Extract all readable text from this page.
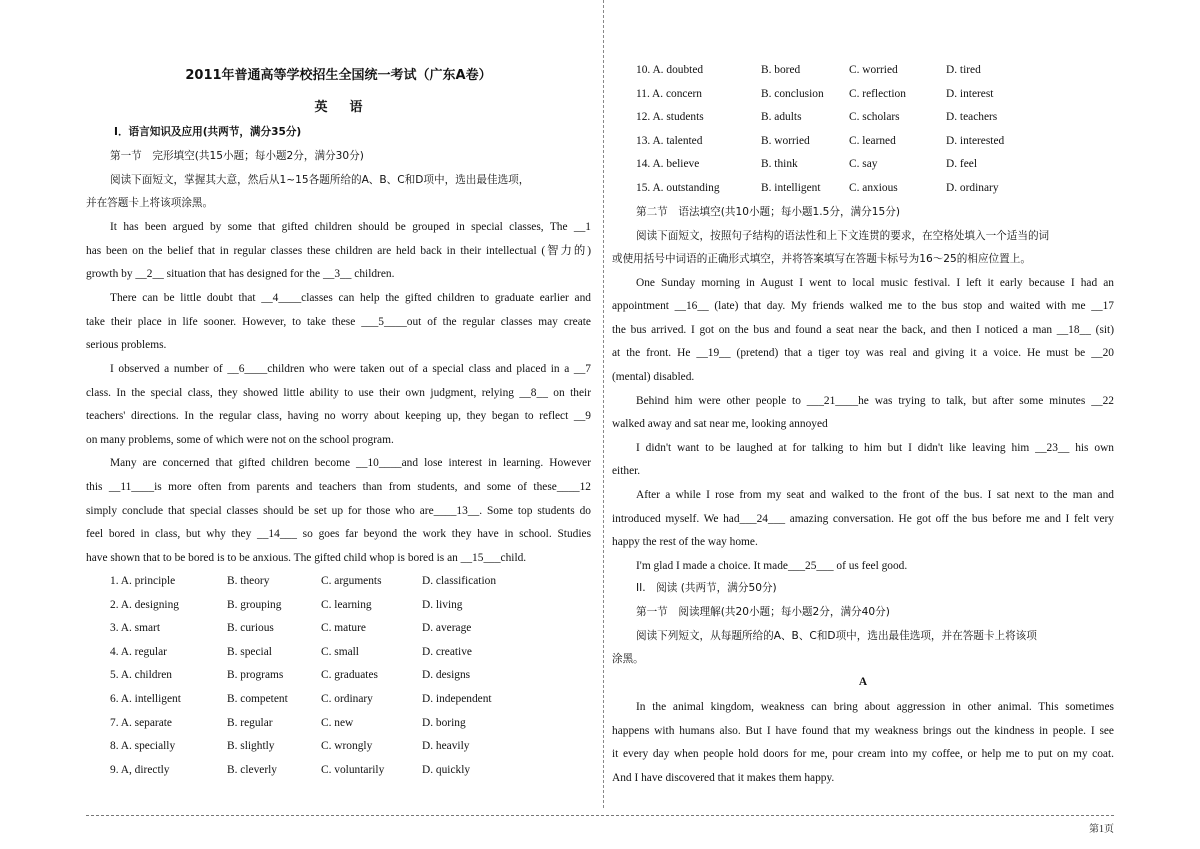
第1页
2011年普通高等学校招生全国统一考试（广东A卷）
英语
Ⅰ．语言知识及应用(共两节，满分35分)
第一节　完形填空(共15小题；每小题2分，满分30分)
阅读下面短文，掌握其大意，然后从1~15各题所给的A、B、C和D项中，选出最佳选项，
并在答题卡上将该项涂黑。
It has been argued by some that gifted children should be grouped in special classes, The __1
has been on the belief that in regular classes these children are held back in their intellectual (智力的)
growth by __2__ situation that has designed for the __3__ children.
There can be little doubt that __4____classes can help the gifted children to graduate earlier and
take their place in life sooner. However, to take these ___5____out of the regular classes may create
serious problems.
I observed a number of __6____children who were taken out of a special class and placed in a __7
class. In the special class, they showed little ability to use their own judgment, relying __8__ on their
teachers' directions. In the regular class, having no worry about keeping up, they began to reflect __9
on many problems, some of which were not on the school program.
Many are concerned that gifted children become __10____and lose interest in learning. However
this __11____is more often from parents and teachers than from students, and some of these____12
simply conclude that special classes should be set up for those who are____13__. Some top students do
feel bored in class, but why they __14___ so goes far beyond the work they have in school. Studies
have shown that to be bored is to be anxious. The gifted child whop is bored is an __15___child.
1. A. principle	B. theory	C. arguments	D. classification
2. A. designing	B. grouping	C. learning	D. living
3. A. smart	B. curious	C. mature	D. average
4. A. regular	B. special	C. small	D. creative
5. A. children	B. programs	C. graduates	D. designs
6. A. intelligent	B. competent	C. ordinary	D. independent
7. A. separate	B. regular	C. new	D. boring
8. A. specially	B. slightly	C. wrongly	D. heavily
9. A, directly	B. cleverly	C. voluntarily	D. quickly
10. A. doubted	B. bored	C. worried	D. tired
11. A. concern	B. conclusion C. reflection	D. interest
12. A. students	B. adults	C. scholars	D. teachers
13. A. talented	B. worried	C. learned	D. interested
14. A. believe	B. think	C. say	D. feel
15. A. outstanding	B. intelligent	C. anxious	D. ordinary
第二节　语法填空(共10小题；每小题1.5分，满分15分)
阅读下面短文，按照句子结构的语法性和上下文连贯的要求，在空格处填入一个适当的词
或使用括号中词语的正确形式填空，并将答案填写在答题卡标号为16～25的相应位置上。
One Sunday morning in August I went to local music festival. I left it early because I had an
appointment __16__ (late) that day. My friends walked me to the bus stop and waited with me __17
the bus arrived. I got on the bus and found a seat near the back, and then I noticed a man __18__ (sit)
at the front. He __19__ (pretend) that a tiger toy was real and giving it a voice. He must be __20
(mental) disabled.
Behind him were other people to ___21____he was trying to talk, but after some minutes __22
walked away and sat near me, looking annoyed
I didn't want to be laughed at for talking to him but I didn't like leaving him __23__ his own
either.
After a while I rose from my seat and walked to the front of the bus. I sat next to the man and
introduced myself. We had___24___ amazing conversation. He got off the bus before me and I felt very
happy the rest of the way home.
I'm glad I made a choice. It made___25___ of us feel good.
II.　阅读 (共两节，满分50分)
第一节　阅读理解(共20小题；每小题2分，满分40分)
阅读下列短文，从每题所给的A、B、C和D项中，选出最佳选项，并在答题卡上将该项
涂黑。
A
In the animal kingdom, weakness can bring about aggression in other animal. This sometimes
happens with humans also. But I have found that my weakness brings out the kindness in people. I see
it every day when people hold doors for me, pour cream into my coffee, or help me to put on my coat.
And I have discovered that it makes them happy.
